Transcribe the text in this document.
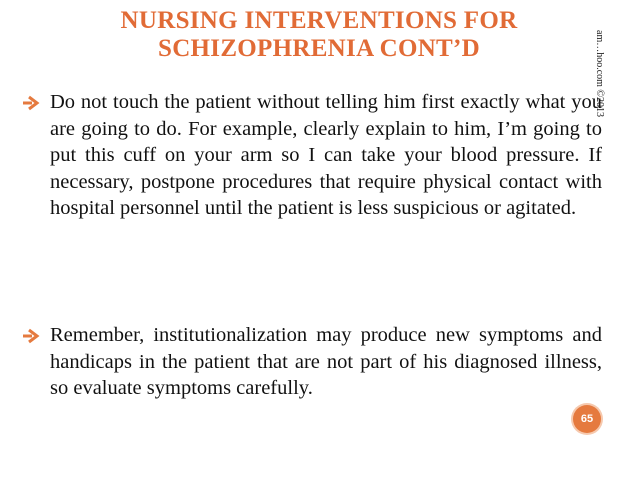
NURSING INTERVENTIONS FOR
SCHIZOPHRENIA CONT’D
Do not touch the patient without telling him first exactly what you are going to do. For example, clearly explain to him, I’m going to put this cuff on your arm so I can take your blood pressure. If necessary, postpone procedures that require physical contact with hospital personnel until the patient is less suspicious or agitated.
Remember, institutionalization may produce new symptoms and handicaps in the patient that are not part of his diagnosed illness, so evaluate symptoms carefully.
am…hoo.com ©2013
65
